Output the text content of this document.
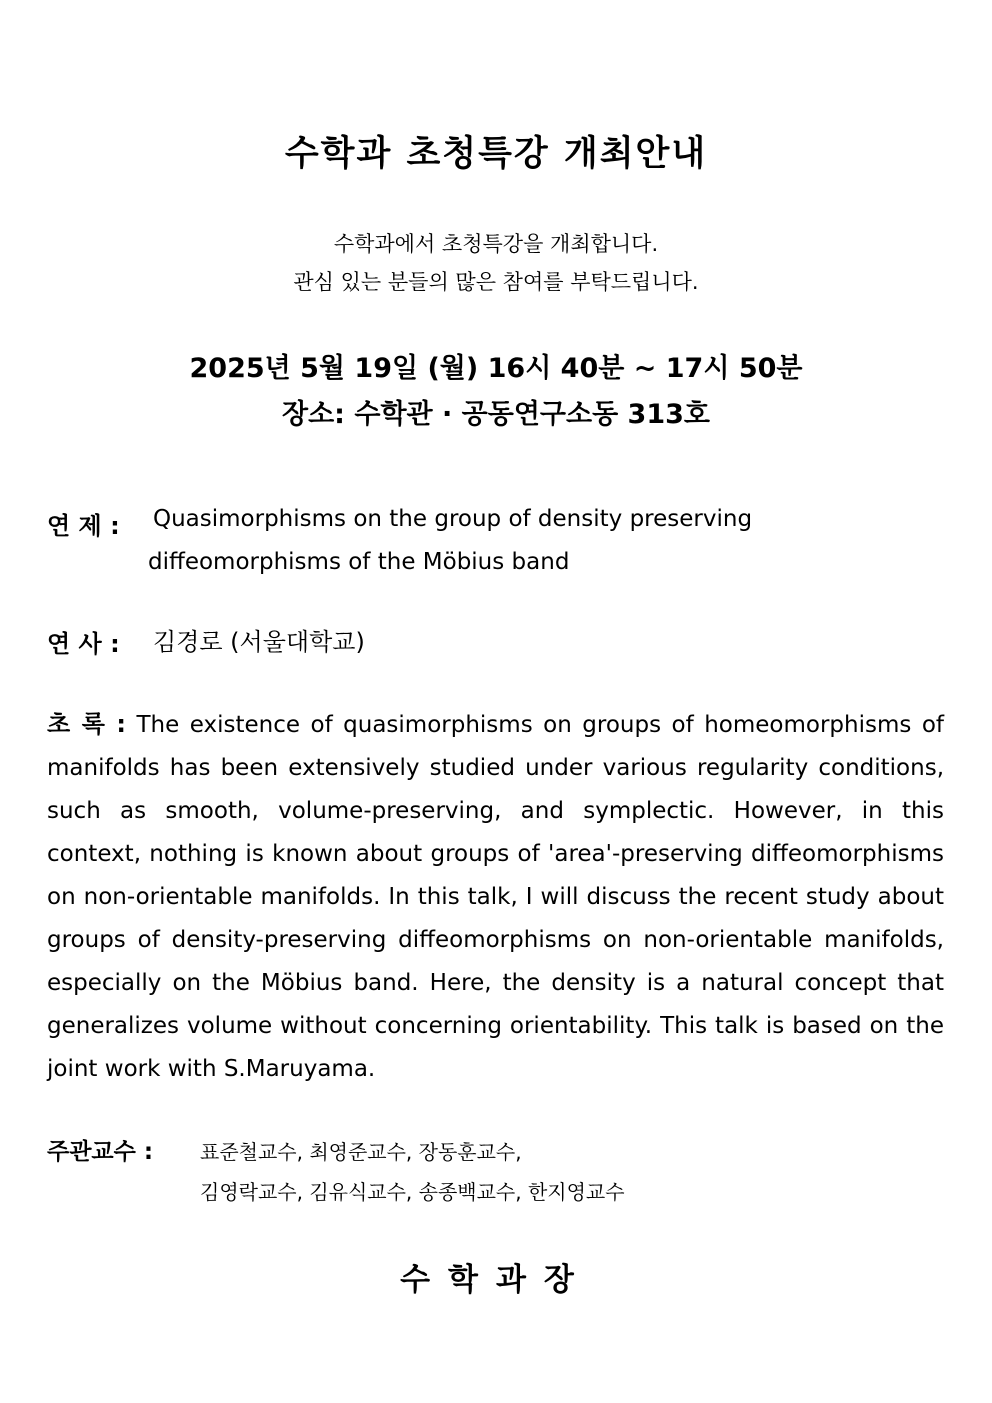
수학과 초청특강 개최안내
수학과에서 초청특강을 개최합니다.
관심 있는 분들의 많은 참여를 부탁드립니다.
2025년 5월 19일 (월) 16시 40분 ~ 17시 50분
장소: 수학관 · 공동연구소동 313호
연 제 : Quasimorphisms on the group of density preserving
diffeomorphisms of the Möbius band
연 사 : 김경로 (서울대학교)
초 록 : The existence of quasimorphisms on groups of homeomorphisms of manifolds has been extensively studied under various regularity conditions, such as smooth, volume-preserving, and symplectic. However, in this context, nothing is known about groups of 'area'-preserving diffeomorphisms on non-orientable manifolds. In this talk, I will discuss the recent study about groups of density-preserving diffeomorphisms on non-orientable manifolds, especially on the Möbius band. Here, the density is a natural concept that generalizes volume without concerning orientability. This talk is based on the joint work with S.Maruyama.
주관교수 : 표준철교수, 최영준교수, 장동훈교수,
김영락교수, 김유식교수, 송종백교수, 한지영교수
수학과장
